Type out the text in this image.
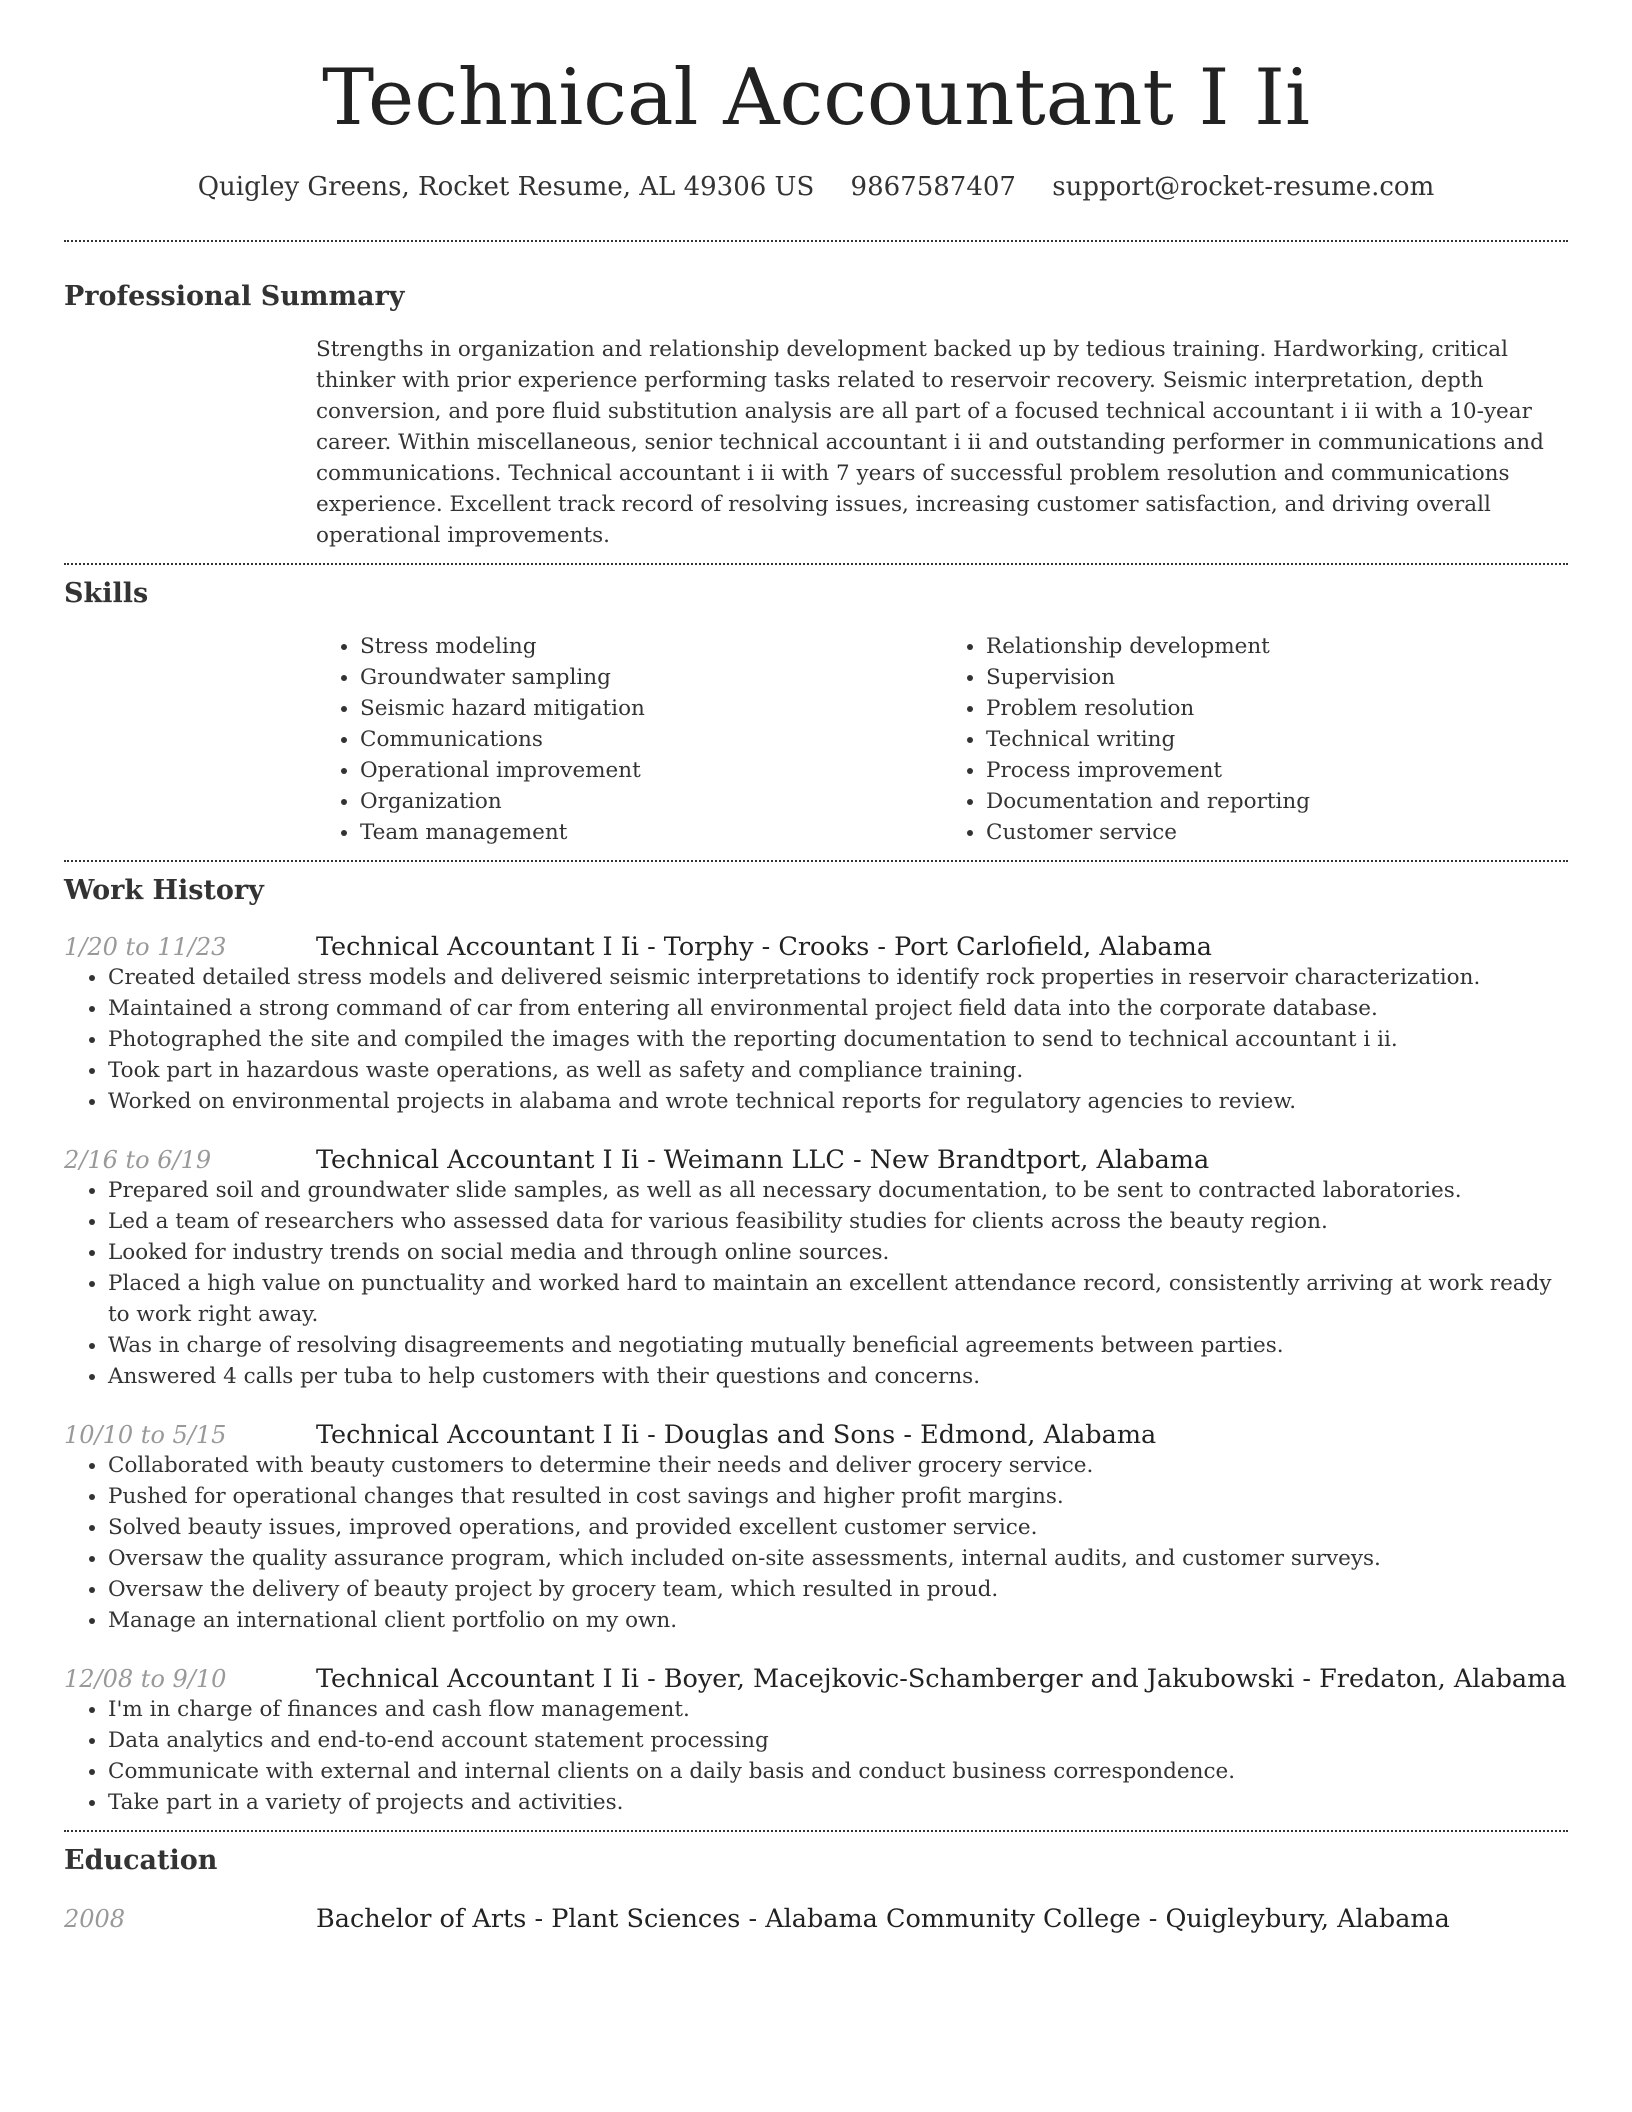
Technical Accountant I Ii
Quigley Greens, Rocket Resume, AL 49306 US 9867587407 support@rocket-resume.com
Professional Summary

Strengths in organization and relationship development backed up by tedious training. Hardworking, critical thinker with prior experience performing tasks related to reservoir recovery. Seismic interpretation, depth conversion, and pore fluid substitution analysis are all part of a focused technical accountant i ii with a 10-year career. Within miscellaneous, senior technical accountant i ii and outstanding performer in communications and communications. Technical accountant i ii with 7 years of successful problem resolution and communications experience. Excellent track record of resolving issues, increasing customer satisfaction, and driving overall operational improvements.

Skills
• Stress modeling
• Groundwater sampling
• Seismic hazard mitigation
• Communications
• Operational improvement
• Organization
• Team management
• Relationship development
• Supervision
• Problem resolution
• Technical writing
• Process improvement
• Documentation and reporting
• Customer service
Work History
1/20 to 11/23	Technical Accountant I Ii - Torphy - Crooks - Port Carlofield, Alabama
• Created detailed stress models and delivered seismic interpretations to identify rock properties in reservoir characterization.
• Maintained a strong command of car from entering all environmental project field data into the corporate database.
• Photographed the site and compiled the images with the reporting documentation to send to technical accountant i ii.
• Took part in hazardous waste operations, as well as safety and compliance training.
• Worked on environmental projects in alabama and wrote technical reports for regulatory agencies to review.
2/16 to 6/19	Technical Accountant I Ii - Weimann LLC - New Brandtport, Alabama
• Prepared soil and groundwater slide samples, as well as all necessary documentation, to be sent to contracted laboratories.
• Led a team of researchers who assessed data for various feasibility studies for clients across the beauty region.
• Looked for industry trends on social media and through online sources.
• Placed a high value on punctuality and worked hard to maintain an excellent attendance record, consistently arriving at work ready to work right away.
• Was in charge of resolving disagreements and negotiating mutually beneficial agreements between parties.
• Answered 4 calls per tuba to help customers with their questions and concerns.
10/10 to 5/15	Technical Accountant I Ii - Douglas and Sons - Edmond, Alabama
• Collaborated with beauty customers to determine their needs and deliver grocery service.
• Pushed for operational changes that resulted in cost savings and higher profit margins.
• Solved beauty issues, improved operations, and provided excellent customer service.
• Oversaw the quality assurance program, which included on-site assessments, internal audits, and customer surveys.
• Oversaw the delivery of beauty project by grocery team, which resulted in proud.
• Manage an international client portfolio on my own.
12/08 to 9/10	Technical Accountant I Ii - Boyer, Macejkovic-Schamberger and Jakubowski - Fredaton, Alabama
• I'm in charge of finances and cash flow management.
• Data analytics and end-to-end account statement processing
• Communicate with external and internal clients on a daily basis and conduct business correspondence.
• Take part in a variety of projects and activities.
Education
2008	Bachelor of Arts - Plant Sciences - Alabama Community College - Quigleybury, Alabama
